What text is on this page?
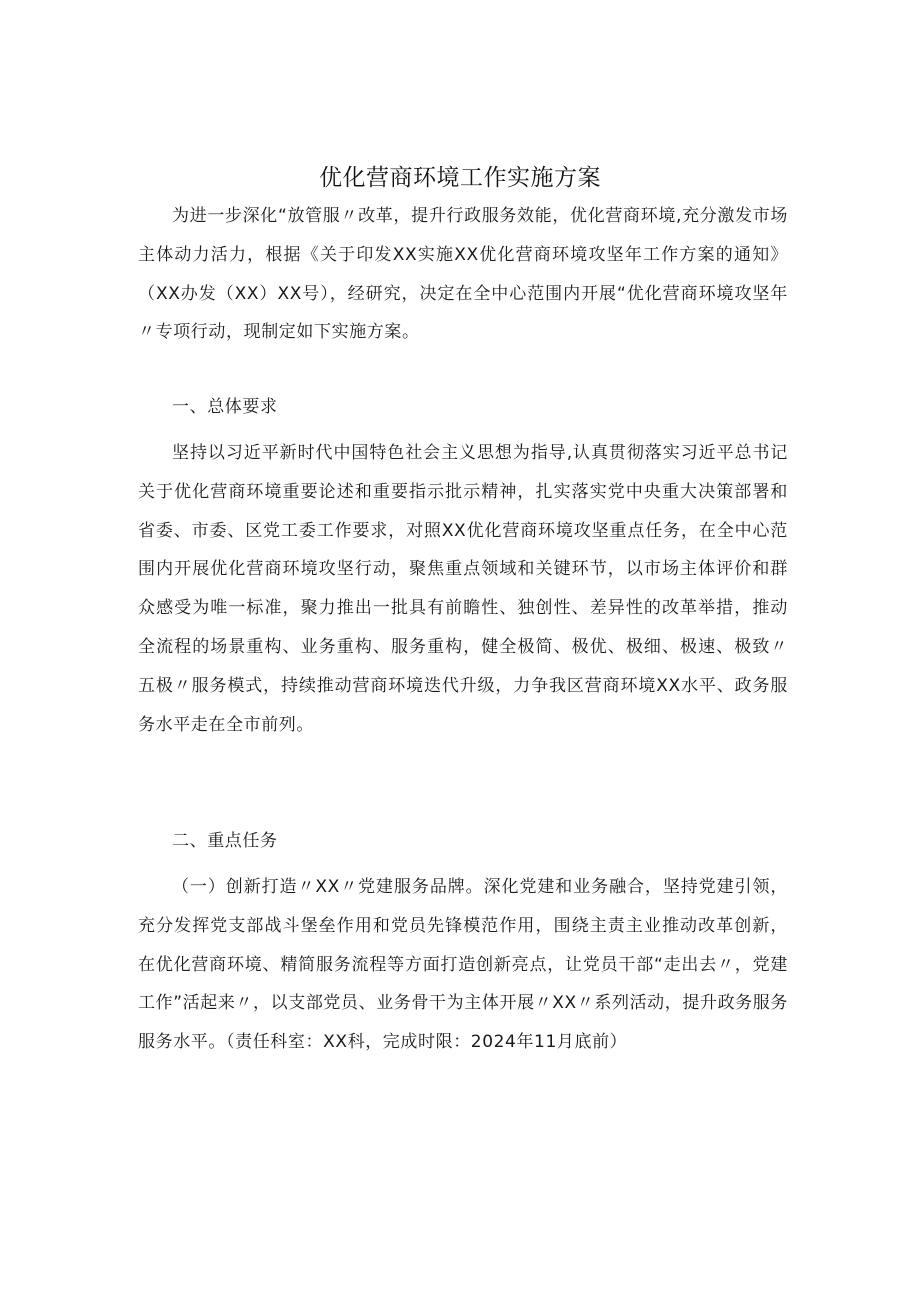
优化营商环境工作实施方案

为进一步深化“放管服〃改革，提升行政服务效能，优化营商环境,充分激发市场主体动力活力，根据《关于印发XX实施XX优化营商环境攻坚年工作方案的通知》（XX办发（XX）XX号），经研究，决定在全中心范围内开展“优化营商环境攻坚年〃专项行动，现制定如下实施方案。

一、总体要求

坚持以习近平新时代中国特色社会主义思想为指导,认真贯彻落实习近平总书记关于优化营商环境重要论述和重要指示批示精神，扎实落实党中央重大决策部署和省委、市委、区党工委工作要求，对照XX优化营商环境攻坚重点任务，在全中心范围内开展优化营商环境攻坚行动，聚焦重点领域和关键环节，以市场主体评价和群众感受为唯一标准，聚力推出一批具有前瞻性、独创性、差异性的改革举措，推动全流程的场景重构、业务重构、服务重构，健全极简、极优、极细、极速、极致〃五极〃服务模式，持续推动营商环境迭代升级，力争我区营商环境XX水平、政务服务水平走在全市前列。

二、重点任务

（一）创新打造〃XX〃党建服务品牌。深化党建和业务融合，坚持党建引领，充分发挥党支部战斗堡垒作用和党员先锋模范作用，围绕主责主业推动改革创新，在优化营商环境、精简服务流程等方面打造创新亮点，让党员干部“走出去〃，党建工作”活起来〃，以支部党员、业务骨干为主体开展〃XX〃系列活动，提升政务服务服务水平。（责任科室：XX科，完成时限：2024年11月底前）
